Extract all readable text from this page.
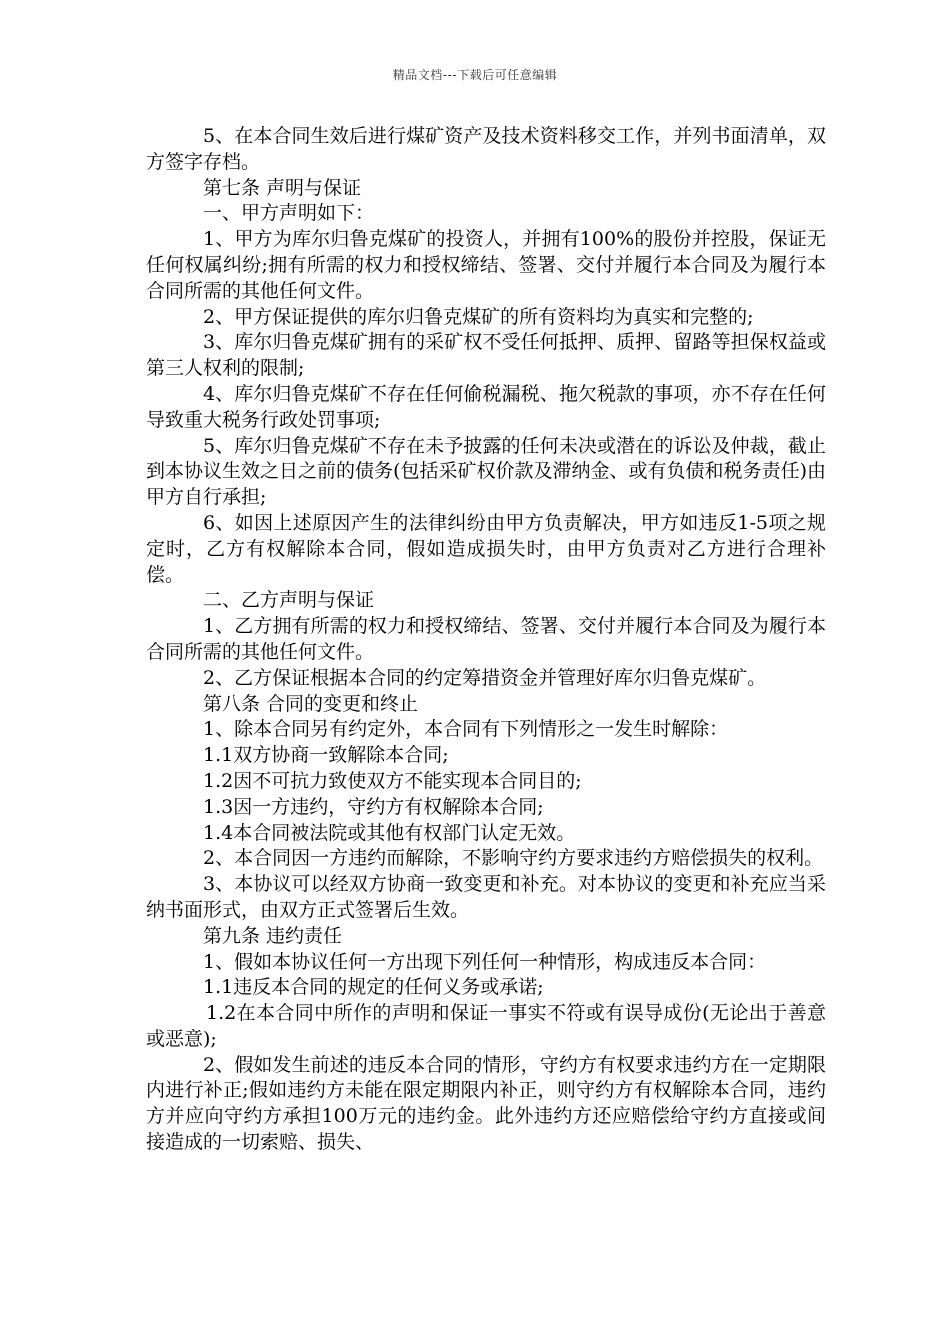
精品文档---下载后可任意编辑

5、在本合同生效后进行煤矿资产及技术资料移交工作，并列书面清单，双方签字存档。

第七条 声明与保证

一、甲方声明如下：

1、甲方为库尔归鲁克煤矿的投资人，并拥有100%的股份并控股，保证无任何权属纠纷;拥有所需的权力和授权缔结、签署、交付并履行本合同及为履行本合同所需的其他任何文件。

2、甲方保证提供的库尔归鲁克煤矿的所有资料均为真实和完整的;

3、库尔归鲁克煤矿拥有的采矿权不受任何抵押、质押、留路等担保权益或第三人权利的限制;

4、库尔归鲁克煤矿不存在任何偷税漏税、拖欠税款的事项，亦不存在任何导致重大税务行政处罚事项;

5、库尔归鲁克煤矿不存在未予披露的任何未决或潜在的诉讼及仲裁，截止到本协议生效之日之前的债务(包括采矿权价款及滞纳金、或有负债和税务责任)由甲方自行承担;

6、如因上述原因产生的法律纠纷由甲方负责解决，甲方如违反1-5项之规定时，乙方有权解除本合同，假如造成损失时，由甲方负责对乙方进行合理补偿。

二、乙方声明与保证

1、乙方拥有所需的权力和授权缔结、签署、交付并履行本合同及为履行本合同所需的其他任何文件。

2、乙方保证根据本合同的约定筹措资金并管理好库尔归鲁克煤矿。

第八条 合同的变更和终止

1、除本合同另有约定外，本合同有下列情形之一发生时解除：

1.1双方协商一致解除本合同;

1.2因不可抗力致使双方不能实现本合同目的;

1.3因一方违约，守约方有权解除本合同;

1.4本合同被法院或其他有权部门认定无效。

2、本合同因一方违约而解除，不影响守约方要求违约方赔偿损失的权利。

3、本协议可以经双方协商一致变更和补充。对本协议的变更和补充应当采纳书面形式，由双方正式签署后生效。

第九条 违约责任

1、假如本协议任何一方出现下列任何一种情形，构成违反本合同：

1.1违反本合同的规定的任何义务或承诺;

1.2在本合同中所作的声明和保证一事实不符或有误导成份(无论出于善意或恶意);

2、假如发生前述的违反本合同的情形，守约方有权要求违约方在一定期限内进行补正;假如违约方未能在限定期限内补正，则守约方有权解除本合同，违约方并应向守约方承担100万元的违约金。此外违约方还应赔偿给守约方直接或间接造成的一切索赔、损失、
